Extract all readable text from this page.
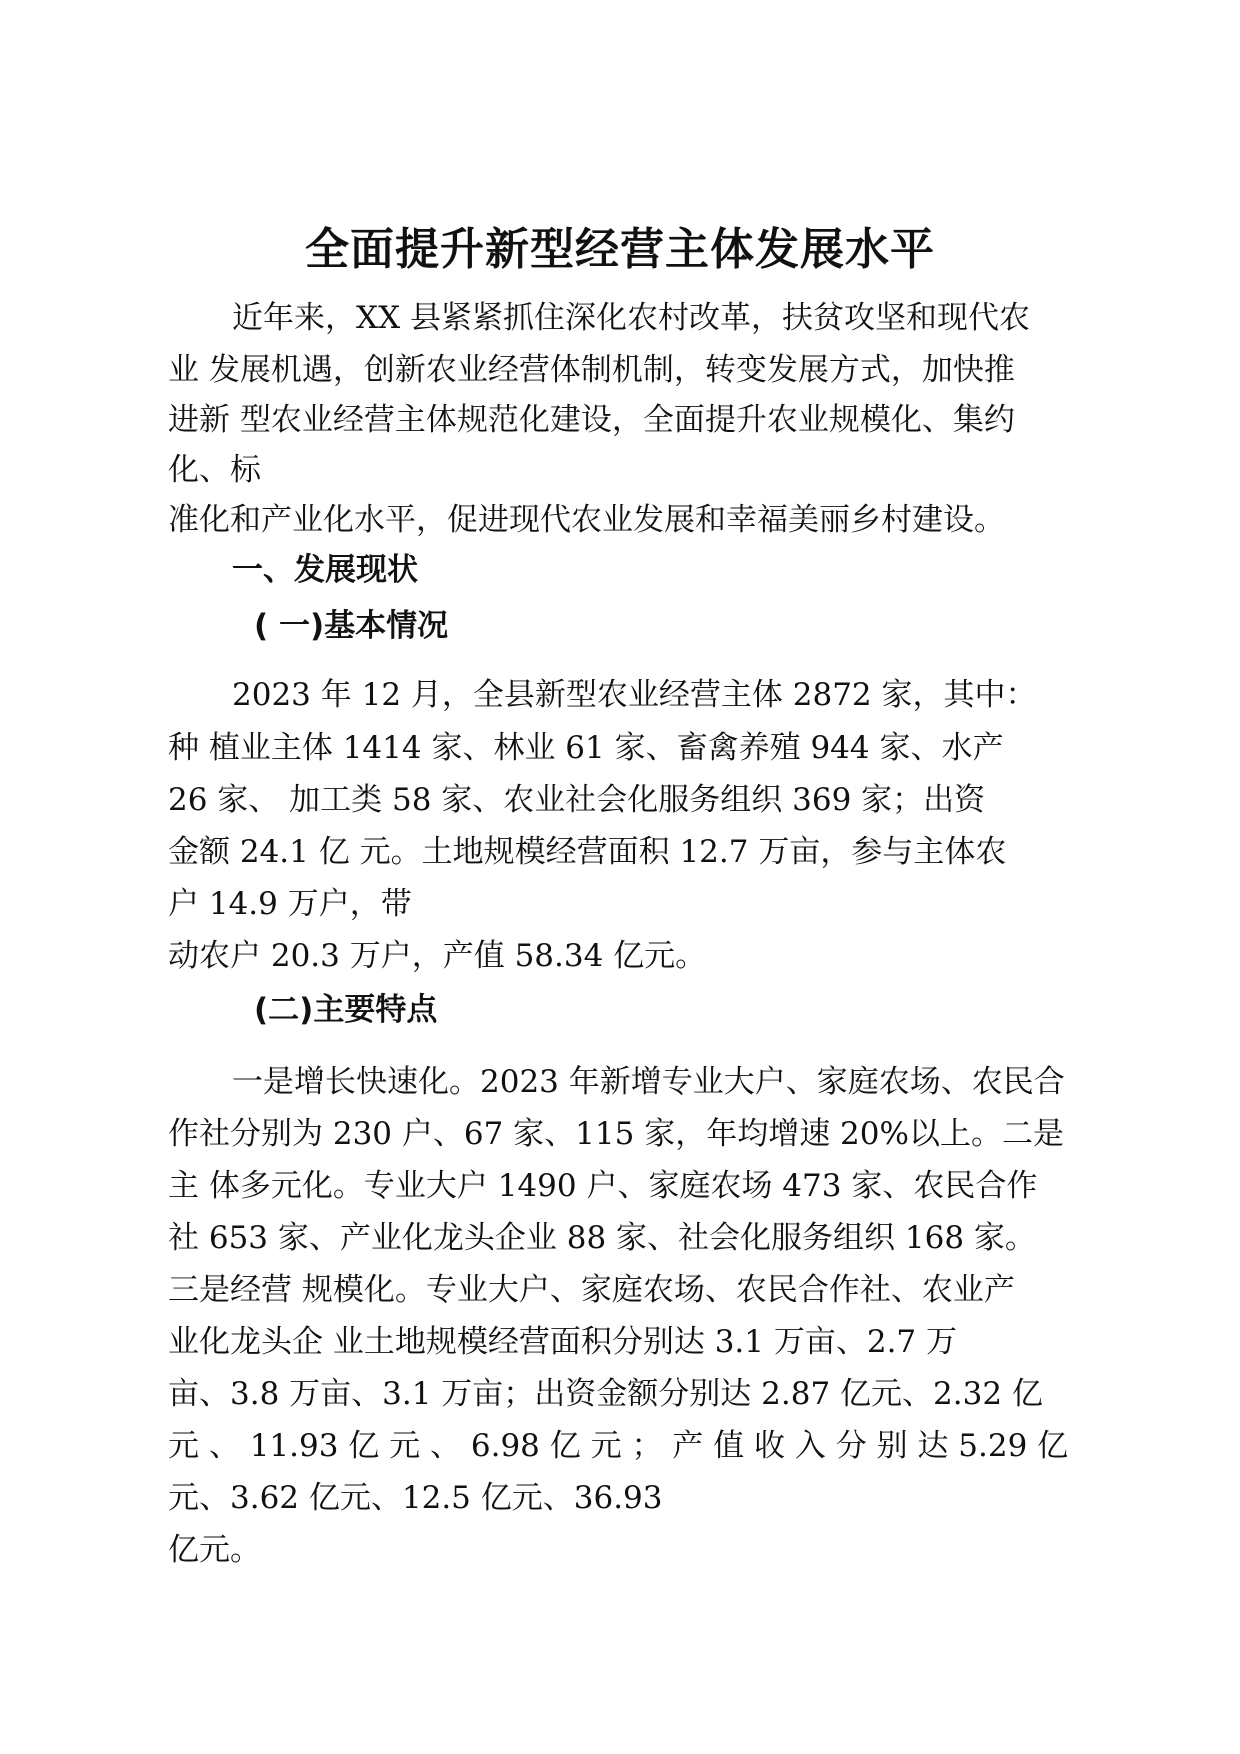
全面提升新型经营主体发展水平
近年来，XX 县紧紧抓住深化农村改革，扶贫攻坚和现代农
业 发展机遇，创新农业经营体制机制，转变发展方式，加快推
进新 型农业经营主体规范化建设，全面提升农业规模化、集约
化、标
准化和产业化水平，促进现代农业发展和幸福美丽乡村建设。
一、发展现状
( 一)基本情况
2023 年 12 月，全县新型农业经营主体 2872 家，其中：
种 植业主体 1414 家、林业 61 家、畜禽养殖 944 家、水产
26 家、 加工类 58 家、农业社会化服务组织 369 家；出资
金额 24.1 亿 元。土地规模经营面积 12.7 万亩，参与主体农
户 14.9 万户，带
动农户 20.3 万户，产值 58.34 亿元。
(二)主要特点
一是增长快速化。2023 年新增专业大户、家庭农场、农民合
作社分别为 230 户、67 家、115 家，年均增速 20%以上。二是
主 体多元化。专业大户 1490 户、家庭农场 473 家、农民合作
社 653 家、产业化龙头企业 88 家、社会化服务组织 168 家。
三是经营 规模化。专业大户、家庭农场、农民合作社、农业产
业化龙头企 业土地规模经营面积分别达 3.1 万亩、2.7 万
亩、3.8 万亩、3.1 万亩；出资金额分别达 2.87 亿元、2.32 亿
元 、 11.93 亿 元 、 6.98 亿 元 ； 产 值 收 入 分 别 达 5.29 亿
元、3.62 亿元、12.5 亿元、36.93
亿元。
